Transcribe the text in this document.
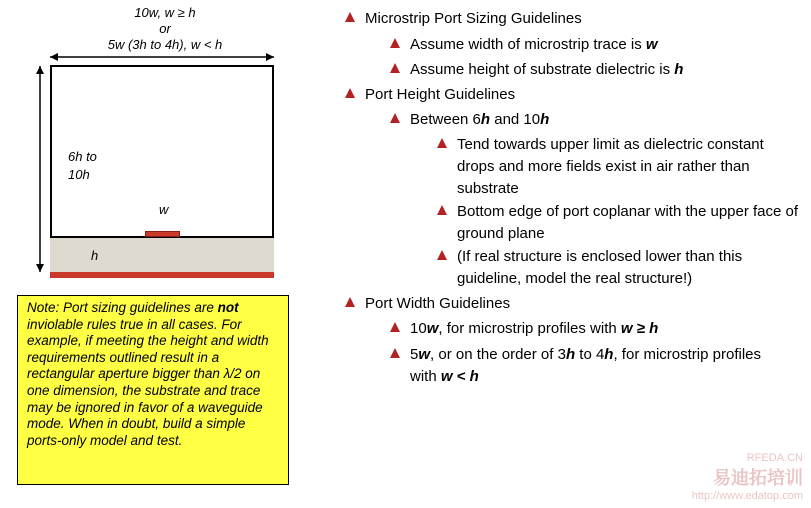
10w, w ≥ h
or
5w (3h to 4h), w < h
6h to
10h
w
h
Note: Port sizing guidelines are not inviolable rules true in all cases. For example, if meeting the height and width requirements outlined result in a rectangular aperture bigger than λ/2 on one dimension, the substrate and trace may be ignored in favor of a waveguide mode. When in doubt, build a simple ports-only model and test.
Microstrip Port Sizing Guidelines
Assume width of microstrip trace is w
Assume height of substrate dielectric is h
Port Height Guidelines
Between 6h and 10h
Tend towards upper limit as dielectric constant drops and more fields exist in air rather than substrate
Bottom edge of port coplanar with the upper face of ground plane
(If real structure is enclosed lower than this guideline, model the real structure!)
Port Width Guidelines
10w, for microstrip profiles with w ≥ h
5w, or on the order of 3h to 4h, for microstrip profiles with w < h
RFEDA.CN
易迪拓培训
http://www.edatop.com
